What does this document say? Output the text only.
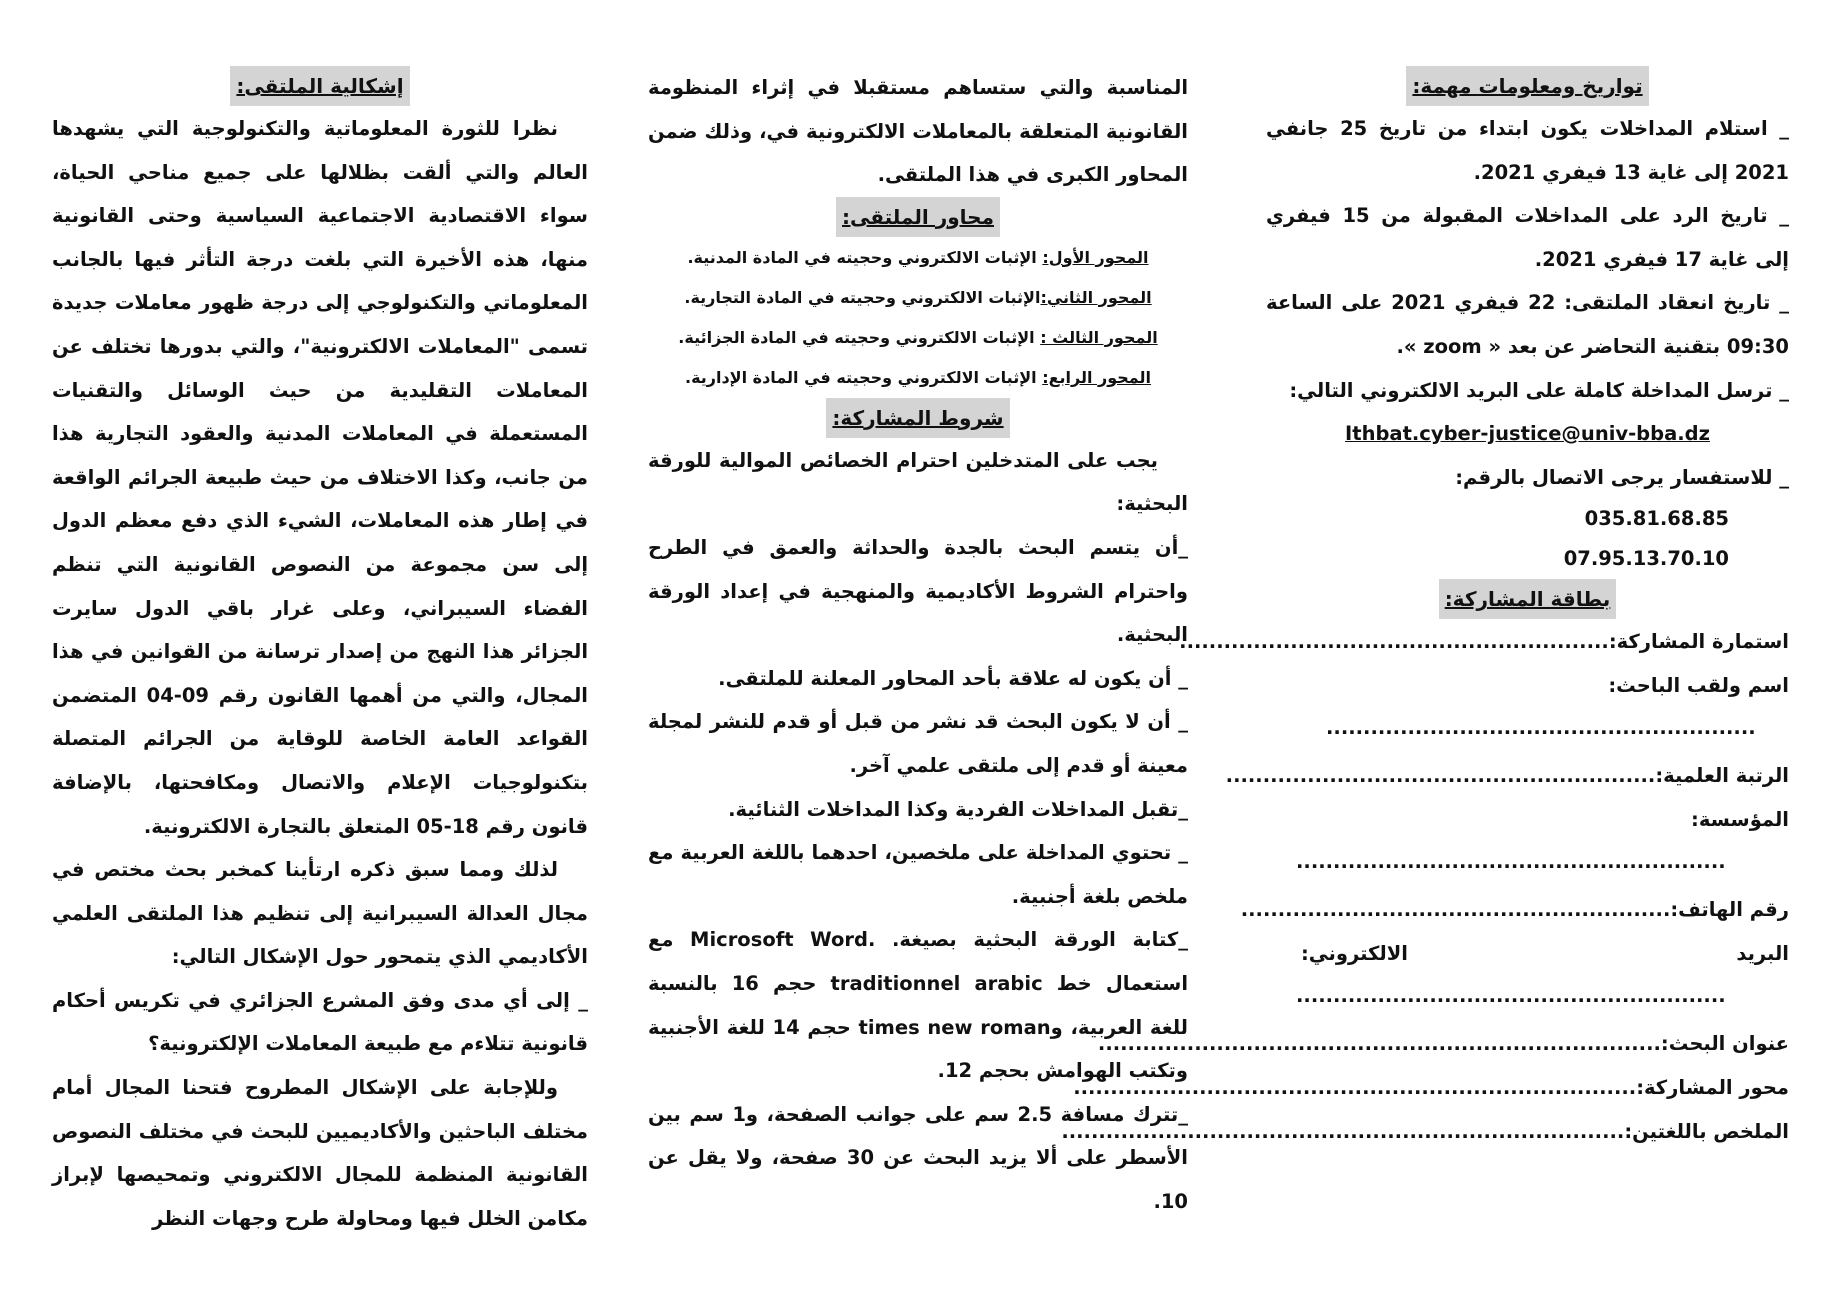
تواريخ ومعلومات مهمة:

_ استلام المداخلات يكون ابتداء من تاريخ 25 جانفي 2021 إلى غاية 13 فيفري 2021.

_ تاريخ الرد على المداخلات المقبولة من 15 فيفري إلى غاية 17 فيفري 2021.

_ تاريخ انعقاد الملتقى: 22 فيفري 2021 على الساعة 09:30 بتقنية التحاضر عن بعد « zoom ».

_ ترسل المداخلة كاملة على البريد الالكتروني التالي:

Ithbat.cyber-justice@univ-bba.dz

_ للاستفسار يرجى الاتصال بالرقم:

035.81.68.85

07.95.13.70.10

بطاقة المشاركة:
استمارة المشاركة:
..........................................................
اسم ولقب الباحث:
..........................................................
الرتبة العلمية:
..........................................................
المؤسسة:
..........................................................
رقم الهاتف:
..........................................................
البريد
الالكتروني:
..........................................................
عنوان البحث:
............................................................................
محور المشاركة:
............................................................................
الملخص باللغتين:
............................................................................

المناسبة والتي ستساهم مستقبلا في إثراء المنظومة القانونية المتعلقة بالمعاملات الالكترونية في، وذلك ضمن المحاور الكبرى في هذا الملتقى.

محاور الملتقى:

المحور الأول: الإثبات الالكتروني وحجيته في المادة المدنية.

المحور الثاني:الإثبات الالكتروني وحجيته في المادة التجارية.

المحور الثالث : الإثبات الالكتروني وحجيته في المادة الجزائية.

المحور الرابع: الإثبات الالكتروني وحجيته في المادة الإدارية.

شروط المشاركة:

يجب على المتدخلين احترام الخصائص الموالية للورقة البحثية:

_أن يتسم البحث بالجدة والحداثة والعمق في الطرح واحترام الشروط الأكاديمية والمنهجية في إعداد الورقة البحثية.

_ أن يكون له علاقة بأحد المحاور المعلنة للملتقى.

_ أن لا يكون البحث قد نشر من قبل أو قدم للنشر لمجلة معينة أو قدم إلى ملتقى علمي آخر.

_تقبل المداخلات الفردية وكذا المداخلات الثنائية.

_ تحتوي المداخلة على ملخصين، احدهما باللغة العربية مع ملخص بلغة أجنبية.

_كتابة الورقة البحثية بصيغة. .Microsoft Word مع استعمال خط traditionnel arabic حجم 16 بالنسبة للغة العربية، وtimes new roman حجم 14 للغة الأجنبية وتكتب الهوامش بحجم 12.

_تترك مسافة 2.5 سم على جوانب الصفحة، و1 سم بين الأسطر على ألا يزيد البحث عن 30 صفحة، ولا يقل عن 10.

إشكالية الملتقى:

نظرا للثورة المعلوماتية والتكنولوجية التي يشهدها العالم والتي ألقت بظلالها على جميع مناحي الحياة، سواء الاقتصادية الاجتماعية السياسية وحتى القانونية منها، هذه الأخيرة التي بلغت درجة التأثر فيها بالجانب المعلوماتي والتكنولوجي إلى درجة ظهور معاملات جديدة تسمى "المعاملات الالكترونية"، والتي بدورها تختلف عن المعاملات التقليدية من حيث الوسائل والتقنيات المستعملة في المعاملات المدنية والعقود التجارية هذا من جانب، وكذا الاختلاف من حيث طبيعة الجرائم الواقعة في إطار هذه المعاملات، الشيء الذي دفع معظم الدول إلى سن مجموعة من النصوص القانونية التي تنظم الفضاء السيبراني، وعلى غرار باقي الدول سايرت الجزائر هذا النهج من إصدار ترسانة من القوانين في هذا المجال، والتي من أهمها القانون رقم 09-04 المتضمن القواعد العامة الخاصة للوقاية من الجرائم المتصلة بتكنولوجيات الإعلام والاتصال ومكافحتها، بالإضافة قانون رقم 18-05 المتعلق بالتجارة الالكترونية.

لذلك ومما سبق ذكره ارتأينا كمخبر بحث مختص في مجال العدالة السيبرانية إلى تنظيم هذا الملتقى العلمي الأكاديمي الذي يتمحور حول الإشكال التالي:

_ إلى أي مدى وفق المشرع الجزائري في تكريس أحكام قانونية تتلاءم مع طبيعة المعاملات الإلكترونية؟

وللإجابة على الإشكال المطروح فتحنا المجال أمام مختلف الباحثين والأكاديميين للبحث في مختلف النصوص القانونية المنظمة للمجال الالكتروني وتمحيصها لإبراز مكامن الخلل فيها ومحاولة طرح وجهات النظر
